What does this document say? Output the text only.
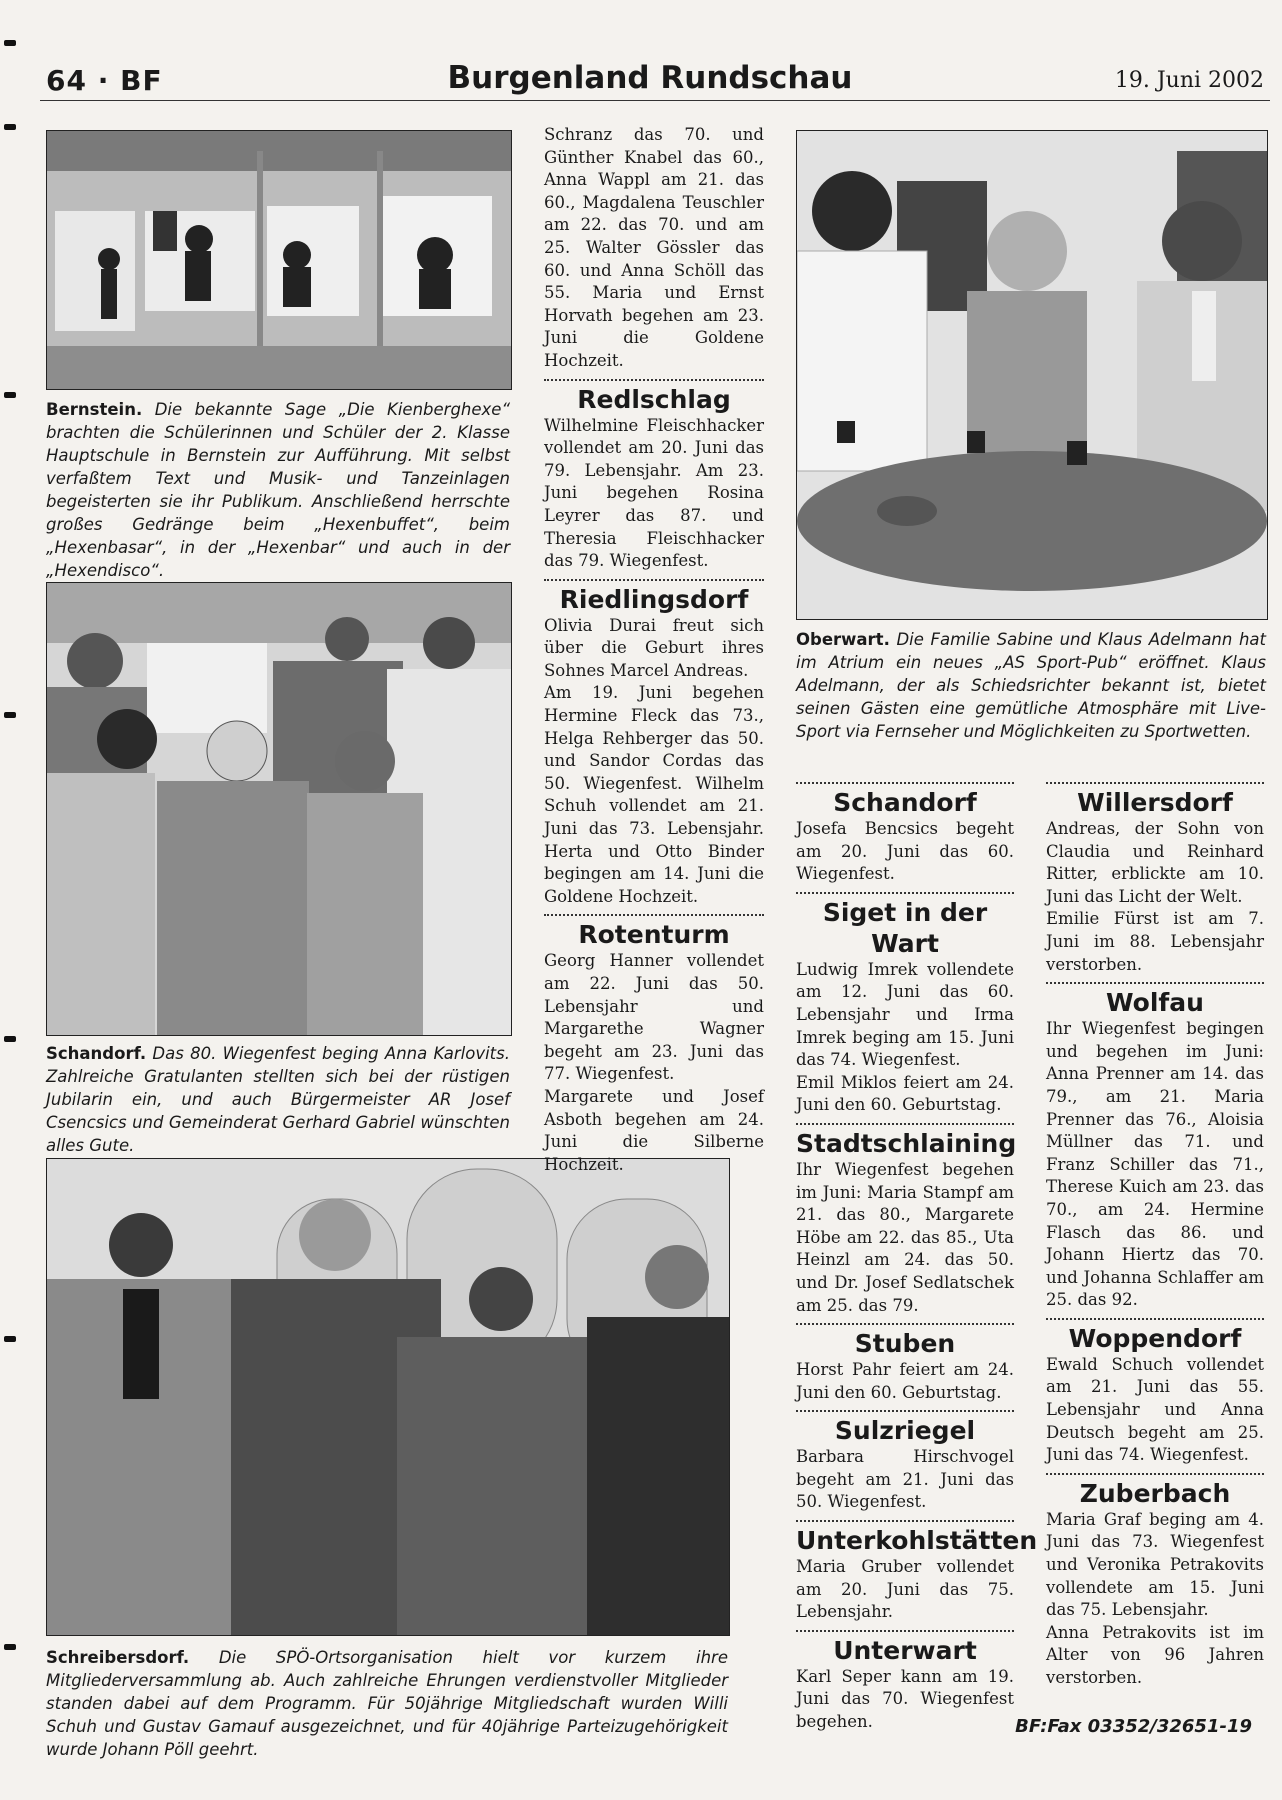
64 · BF	Burgenland Rundschau	19. Juni 2002
Bernstein. Die bekannte Sage „Die Kienberghexe“ brachten die Schülerinnen und Schüler der 2. Klasse Hauptschule in Bernstein zur Aufführung. Mit selbst verfaßtem Text und Musik- und Tanzeinlagen begeisterten sie ihr Publikum. Anschließend herrschte großes Gedränge beim „Hexenbuffet“, beim „Hexenbasar“, in der „Hexenbar“ und auch in der „Hexendisco“.
Schandorf. Das 80. Wiegenfest beging Anna Karlovits. Zahlreiche Gratulanten stellten sich bei der rüstigen Jubilarin ein, und auch Bürgermeister AR Josef Csencsics und Gemeinderat Gerhard Gabriel wünschten alles Gute.
Schreibersdorf. Die SPÖ-Ortsorganisation hielt vor kurzem ihre Mitgliederversammlung ab. Auch zahlreiche Ehrungen verdienstvoller Mitglieder standen dabei auf dem Programm. Für 50jährige Mitgliedschaft wurden Willi Schuh und Gustav Gamauf ausgezeichnet, und für 40jährige Parteizugehörigkeit wurde Johann Pöll geehrt.
Oberwart. Die Familie Sabine und Klaus Adelmann hat im Atrium ein neues „AS Sport-Pub“ eröffnet. Klaus Adelmann, der als Schiedsrichter bekannt ist, bietet seinen Gästen eine gemütliche Atmosphäre mit Live-Sport via Fernseher und Möglichkeiten zu Sportwetten.

Schranz das 70. und Günther Knabel das 60., Anna Wappl am 21. das 60., Magdalena Teuschler am 22. das 70. und am 25. Walter Gössler das 60. und Anna Schöll das 55. Maria und Ernst Horvath begehen am 23. Juni die Goldene Hochzeit.

Redlschlag

Wilhelmine Fleischhacker vollendet am 20. Juni das 79. Lebensjahr. Am 23. Juni begehen Rosina Leyrer das 87. und Theresia Fleischhacker das 79. Wiegenfest.

Riedlingsdorf

Olivia Durai freut sich über die Geburt ihres Sohnes Marcel Andreas.

Am 19. Juni begehen Hermine Fleck das 73., Helga Rehberger das 50. und Sandor Cordas das 50. Wiegenfest. Wilhelm Schuh vollendet am 21. Juni das 73. Lebensjahr. Herta und Otto Binder begingen am 14. Juni die Goldene Hochzeit.

Rotenturm

Georg Hanner vollendet am 22. Juni das 50. Lebensjahr und Margarethe Wagner begeht am 23. Juni das 77. Wiegenfest.

Margarete und Josef Asboth begehen am 24. Juni die Silberne Hochzeit.

Schandorf

Josefa Bencsics begeht am 20. Juni das 60. Wiegenfest.

Siget in der Wart

Ludwig Imrek vollendete am 12. Juni das 60. Lebensjahr und Irma Imrek beging am 15. Juni das 74. Wiegenfest.

Emil Miklos feiert am 24. Juni den 60. Geburtstag.

Stadtschlaining

Ihr Wiegenfest begehen im Juni: Maria Stampf am 21. das 80., Margarete Höbe am 22. das 85., Uta Heinzl am 24. das 50. und Dr. Josef Sedlatschek am 25. das 79.

Stuben

Horst Pahr feiert am 24. Juni den 60. Geburtstag.

Sulzriegel

Barbara Hirschvogel begeht am 21. Juni das 50. Wiegenfest.

Unterkohlstätten

Maria Gruber vollendet am 20. Juni das 75. Lebensjahr.

Unterwart

Karl Seper kann am 19. Juni das 70. Wiegenfest begehen.

Willersdorf

Andreas, der Sohn von Claudia und Reinhard Ritter, erblickte am 10. Juni das Licht der Welt.

Emilie Fürst ist am 7. Juni im 88. Lebensjahr verstorben.

Wolfau

Ihr Wiegenfest begingen und begehen im Juni: Anna Prenner am 14. das 79., am 21. Maria Prenner das 76., Aloisia Müllner das 71. und Franz Schiller das 71., Therese Kuich am 23. das 70., am 24. Hermine Flasch das 86. und Johann Hiertz das 70. und Johanna Schlaffer am 25. das 92.

Woppendorf

Ewald Schuch vollendet am 21. Juni das 55. Lebensjahr und Anna Deutsch begeht am 25. Juni das 74. Wiegenfest.

Zuberbach

Maria Graf beging am 4. Juni das 73. Wiegenfest und Veronika Petrakovits vollendete am 15. Juni das 75. Lebensjahr.

Anna Petrakovits ist im Alter von 96 Jahren verstorben.

BF:Fax 03352/32651-19
